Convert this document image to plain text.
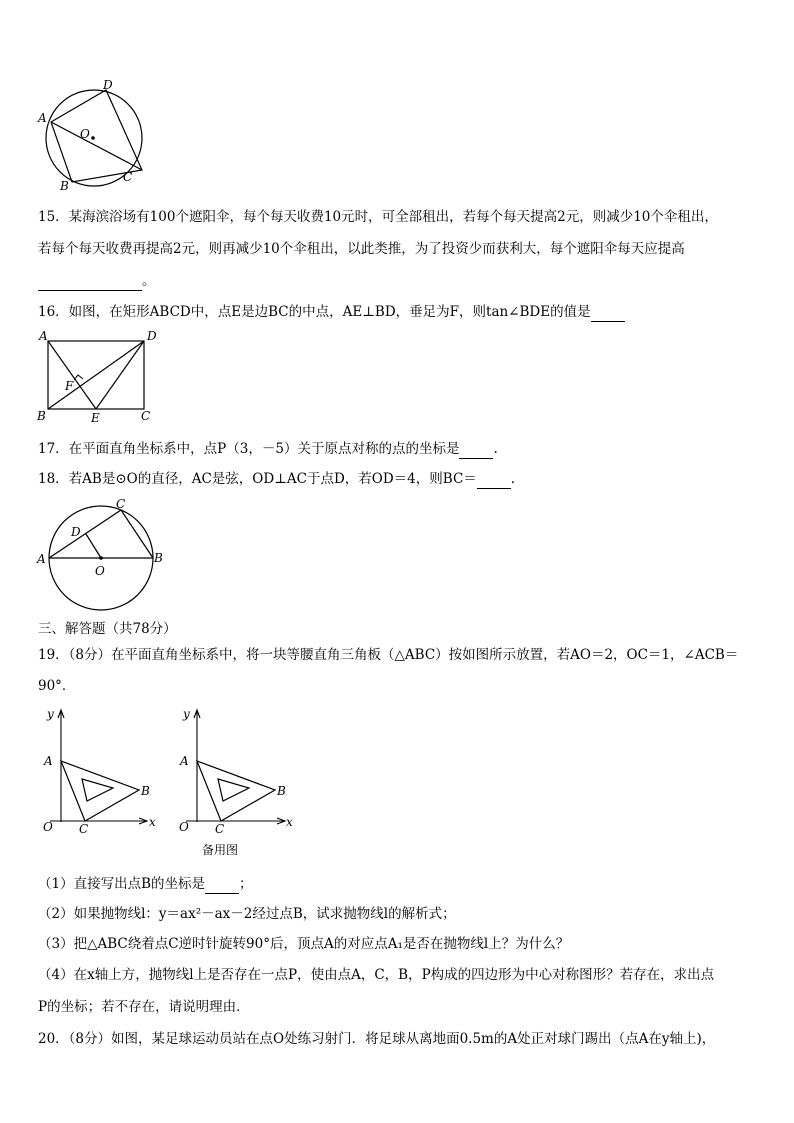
A
D
O
B
C
15．某海滨浴场有100个遮阳伞，每个每天收费10元时，可全部租出，若每个每天提高2元，则减少10个伞租出，
若每个每天收费再提高2元，则再减少10个伞租出，以此类推，为了投资少而获利大，每个遮阳伞每天应提高
。
16．如图，在矩形ABCD中，点E是边BC的中点，AE⊥BD，垂足为F，则tan∠BDE的值是
A	D
F
B	E	C
17．在平面直角坐标系中，点P（3，－5）关于原点对称的点的坐标是	.
18．若AB是⊙O的直径，AC是弦，OD⊥AC于点D，若OD＝4，则BC＝	.
C
D
A
O
B
三、解答题（共78分）
19．（8分）在平面直角坐标系中，将一块等腰直角三角板（△ABC）按如图所示放置，若AO＝2，OC＝1，∠ACB＝
90°．
y
A
B
O C	x
y
A
B
O C	x
备用图
（1）直接写出点B的坐标是	；
（2）如果抛物线l：y＝ax²－ax－2经过点B，试求抛物线l的解析式；
（3）把△ABC绕着点C逆时针旋转90°后，顶点A的对应点A₁是否在抛物线l上？为什么？
（4）在x轴上方，抛物线l上是否存在一点P，使由点A，C，B，P构成的四边形为中心对称图形？若存在，求出点
P的坐标；若不存在，请说明理由．
20．（8分）如图，某足球运动员站在点O处练习射门．将足球从离地面0.5m的A处正对球门踢出（点A在y轴上)，
